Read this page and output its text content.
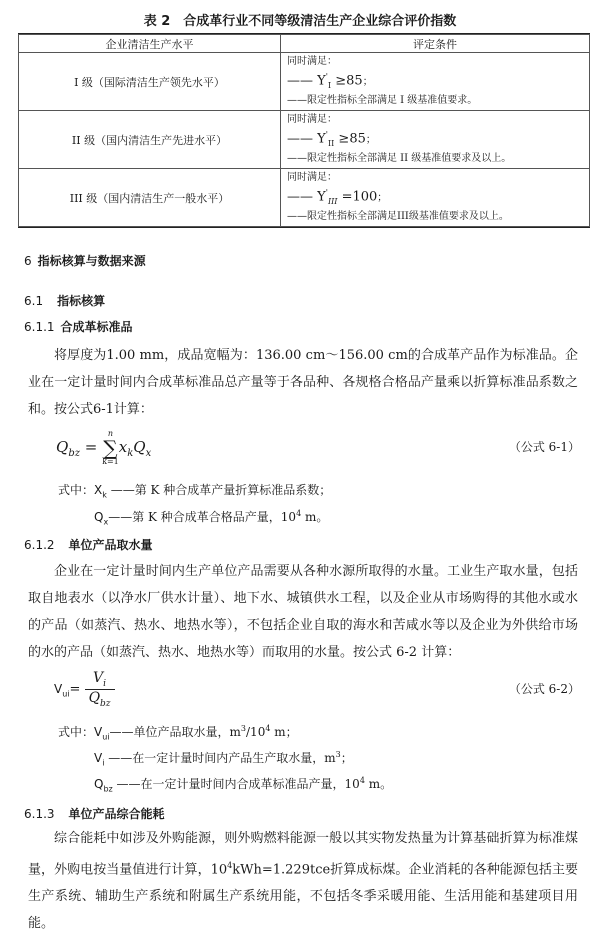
表 2　合成革行业不同等级清洁生产企业综合评价指数
企业清洁生产水平	评定条件
I 级（国际清洁生产领先水平）	同时满足：
—— $Y'_I \ge 85$；
——限定性指标全部满足 I 级基准值要求。

II 级（国内清洁生产先进水平）	同时满足：
—— $Y'_{II} \ge 85$；
——限定性指标全部满足 II 级基准值要求及以上。

III 级（国内清洁生产一般水平）	同时满足：
—— $Y'_{III} =100$；
——限定性指标全部满足III级基准值要求及以上。
6 指标核算与数据来源
6.1 指标核算
6.1.1 合成革标准品
将厚度为1.00 mm，成品宽幅为：136.00 cm～156.00 cm的合成革产品作为标准品。企业在一定计量时间内合成革标准品总产量等于各品种、各规格合格品产量乘以折算标准品系数之和。按公式6-1计算：
$Q_{bz}$ =
n
∑
k=1
$x_kQ_x$	（公式 6-1）
式中：$X_k$ ——第 K 种合成革产量折算标准品系数；
$Q_x——$第 K 种合成革合格品产量，$10^4$ m。
6.1.2 单位产品取水量
企业在一定计量时间内生产单位产品需要从各种水源所取得的水量。工业生产取水量，包括取自地表水（以净水厂供水计量）、地下水、城镇供水工程，以及企业从市场购得的其他水或水的产品（如蒸汽、热水、地热水等），不包括企业自取的海水和苦咸水等以及企业为外供给市场的水的产品（如蒸汽、热水、地热水等）而取用的水量。按公式 6-2 计算：
$V_{ui}= \frac{V_i}{Q_{bz}}$	（公式 6-2）
式中：$V_{ui}——$单位产品取水量，$m^3/10^4$ m；
$V_i$ ——在一定计量时间内产品生产取水量，$m^3$；
$Q_{bz}$ ——在一定计量时间内合成革标准品产量，$10^4$ m。
6.1.3 单位产品综合能耗
综合能耗中如涉及外购能源，则外购燃料能源一般以其实物发热量为计算基础折算为标准煤量，外购电按当量值进行计算，$10^4kWh=1.229tce$折算成标煤。企业消耗的各种能源包括主要生产系统、辅助生产系统和附属生产系统用能，不包括冬季采暖用能、生活用能和基建项目用能。
